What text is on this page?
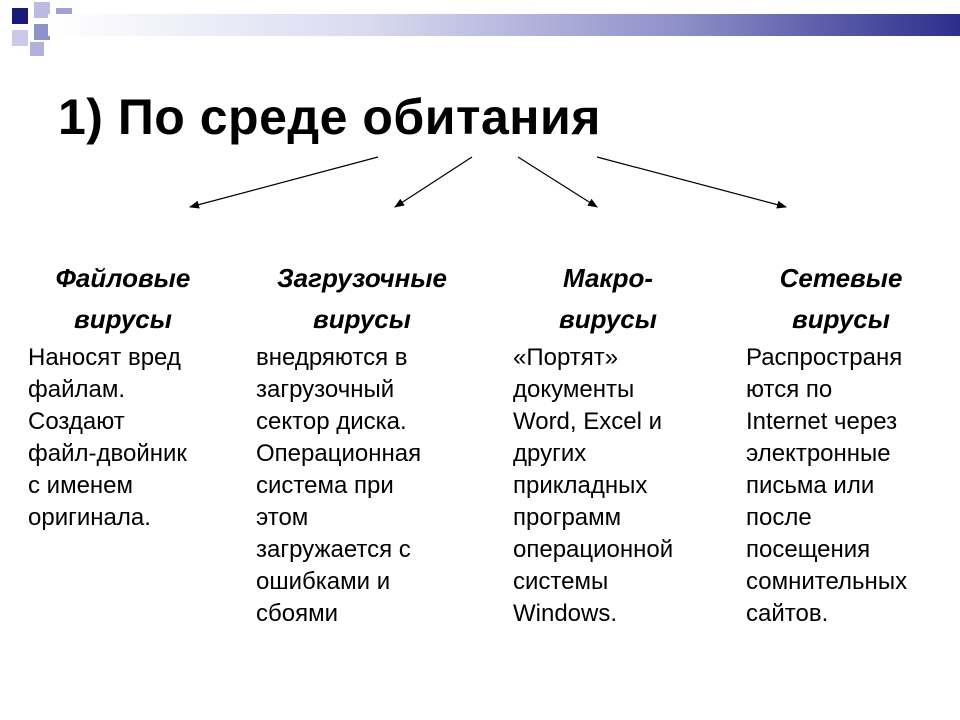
1) По среде обитания
Файловые
вирусы
Наносят вред
файлам.
Создают
файл-двойник
с именем
оригинала.
Загрузочные
вирусы
внедряются в
загрузочный
сектор диска.
Операционная
система при
этом
загружается с
ошибками и
сбоями
Макро-
вирусы
«Портят»
документы
Word, Excel и
других
прикладных
программ
операционной
системы
Windows.
Сетевые
вирусы
Распространя
ются по
Internet через
электронные
письма или
после
посещения
сомнительных
сайтов.
